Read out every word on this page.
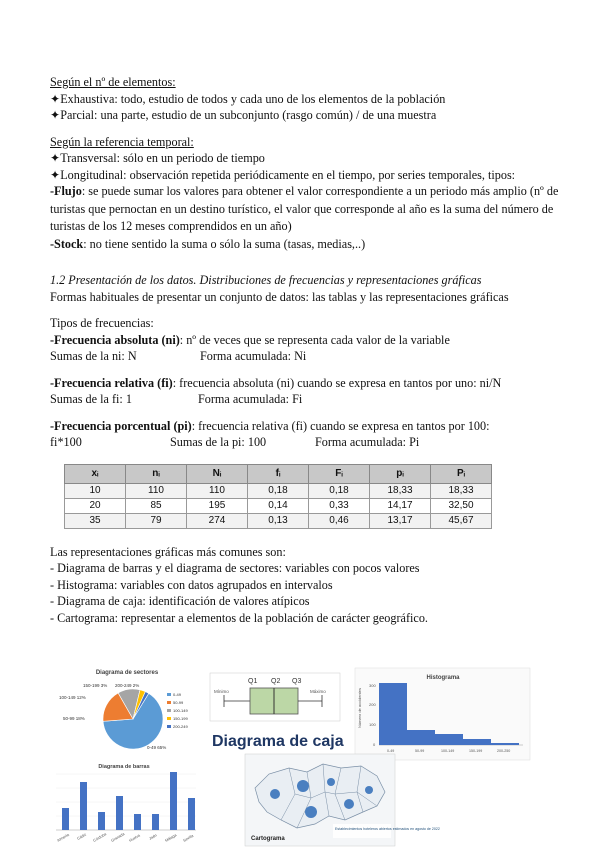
Según el nº de elementos:
✦Exhaustiva: todo, estudio de todos y cada uno de los elementos de la población
✦Parcial: una parte, estudio de un subconjunto (rasgo común) / de una muestra
Según la referencia temporal:
✦Transversal: sólo en un periodo de tiempo
✦Longitudinal: observación repetida periódicamente en el tiempo, por series temporales, tipos:
-Flujo: se puede sumar los valores para obtener el valor correspondiente a un periodo más amplio (nº de turistas que pernoctan en un destino turístico, el valor que corresponde al año es la suma del número de turistas de los 12 meses comprendidos en un año)
-Stock: no tiene sentido la suma o sólo la suma (tasas, medias,..)
1.2 Presentación de los datos. Distribuciones de frecuencias y representaciones gráficas
Formas habituales de presentar un conjunto de datos: las tablas y las representaciones gráficas
Tipos de frecuencias:
-Frecuencia absoluta (ni): nº de veces que se representa cada valor de la variable
Sumas de la ni: N	Forma acumulada: Ni
-Frecuencia relativa (fi): frecuencia absoluta (ni) cuando se expresa en tantos por uno: ni/N
Sumas de la fi: 1	Forma acumulada: Fi
-Frecuencia porcentual (pi): frecuencia relativa (fi) cuando se expresa en tantos por 100:
fi*100	Sumas de la pi: 100	Forma acumulada: Pi
xᵢ	nᵢ	Nᵢ	fᵢ	Fᵢ	pᵢ	Pᵢ
10	110	110	0,18	0,18	18,33	18,33
20	85	195	0,14	0,33	14,17	32,50
35	79	274	0,13	0,46	13,17	45,67
Las representaciones gráficas más comunes son:
- Diagrama de barras y el diagrama de sectores: variables con pocos valores
- Histograma: variables con datos agrupados en intervalos
- Diagrama de caja: identificación de valores atípicos
- Cartograma: representar a elementos de la población de carácter geográfico.
Diagrama de sectores
200-249 2%
150-199 3%
100-149 12%
50-99 18%
0-49 65%
0-49
50-99
100-149
150-199
200-249
Q1 Q2 Q3
Mínimo	Máximo
Diagrama de caja
Histograma
Número de accidentes
300
200
100
0
0-49	50-99	100-149	150-199	200-250
Diagrama de barras
Almería Cádiz Córdoba Granada Huelva Jaén Málaga Sevilla
Establecimientos hoteleros abiertos estimados en agosto de 2022
Cartograma
